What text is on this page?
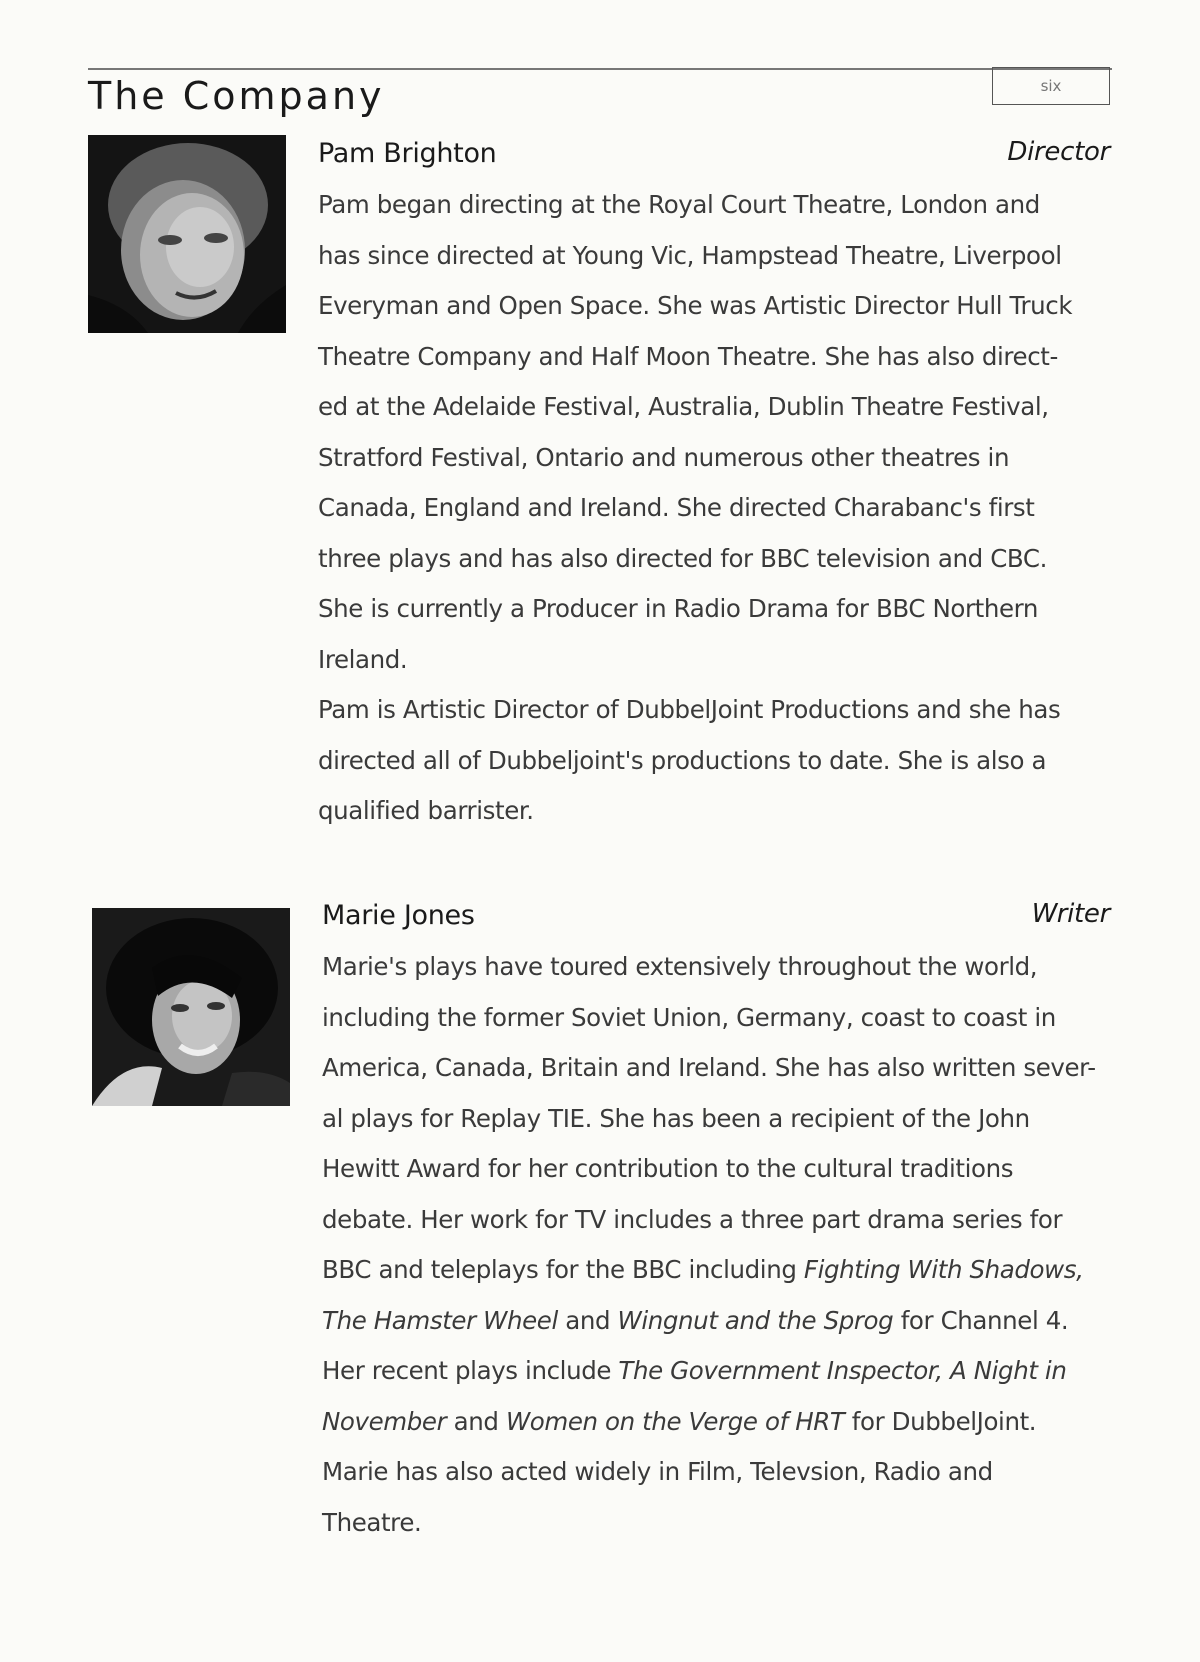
The Company	six
Pam Brighton	Director

Pam began directing at the Royal Court Theatre, London and
has since directed at Young Vic, Hampstead Theatre, Liverpool
Everyman and Open Space. She was Artistic Director Hull Truck
Theatre Company and Half Moon Theatre. She has also direct-
ed at the Adelaide Festival, Australia, Dublin Theatre Festival,
Stratford Festival, Ontario and numerous other theatres in
Canada, England and Ireland. She directed Charabanc's first
three plays and has also directed for BBC television and CBC.
She is currently a Producer in Radio Drama for BBC Northern
Ireland.

Pam is Artistic Director of DubbelJoint Productions and she has
directed all of Dubbeljoint's productions to date. She is also a
qualified barrister.

Marie Jones	Writer

Marie's plays have toured extensively throughout the world,
including the former Soviet Union, Germany, coast to coast in
America, Canada, Britain and Ireland. She has also written sever-
al plays for Replay TIE. She has been a recipient of the John
Hewitt Award for her contribution to the cultural traditions
debate. Her work for TV includes a three part drama series for

BBC and teleplays for the BBC including Fighting With Shadows,
The Hamster Wheel and Wingnut and the Sprog for Channel 4.
Her recent plays include The Government Inspector, A Night in
November and Women on the Verge of HRT for DubbelJoint.
Marie has also acted widely in Film, Televsion, Radio and
Theatre.
